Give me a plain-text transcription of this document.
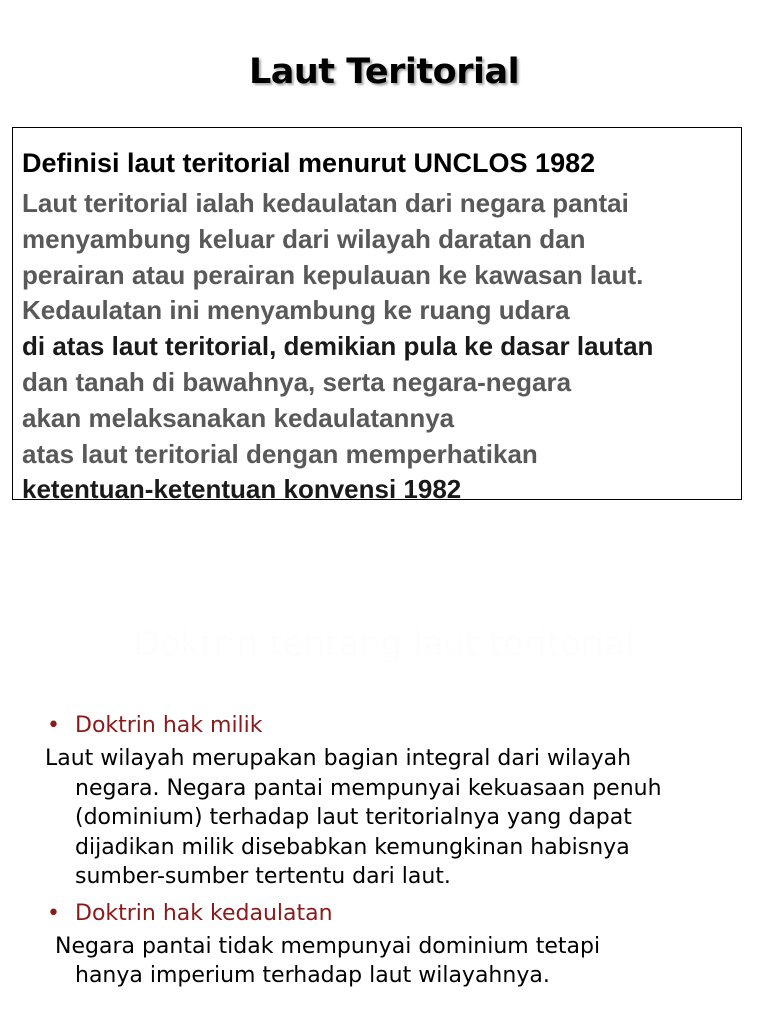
Laut Teritorial
Definisi laut teritorial menurut UNCLOS 1982
Laut teritorial ialah kedaulatan dari negara pantai
menyambung keluar dari wilayah daratan dan
perairan atau perairan kepulauan ke kawasan laut.
Kedaulatan ini menyambung ke ruang udara
di atas laut teritorial, demikian pula ke dasar lautan
dan tanah di bawahnya, serta negara-negara
akan melaksanakan kedaulatannya
atas laut teritorial dengan memperhatikan
ketentuan-ketentuan konvensi 1982
Doktrin tentang laut teritorial
• Doktrin hak milik
Laut wilayah merupakan bagian integral dari wilayah
negara. Negara pantai mempunyai kekuasaan penuh
(dominium) terhadap laut teritorialnya yang dapat
dijadikan milik disebabkan kemungkinan habisnya
sumber-sumber tertentu dari laut.
• Doktrin hak kedaulatan
Negara pantai tidak mempunyai dominium tetapi
hanya imperium terhadap laut wilayahnya.
